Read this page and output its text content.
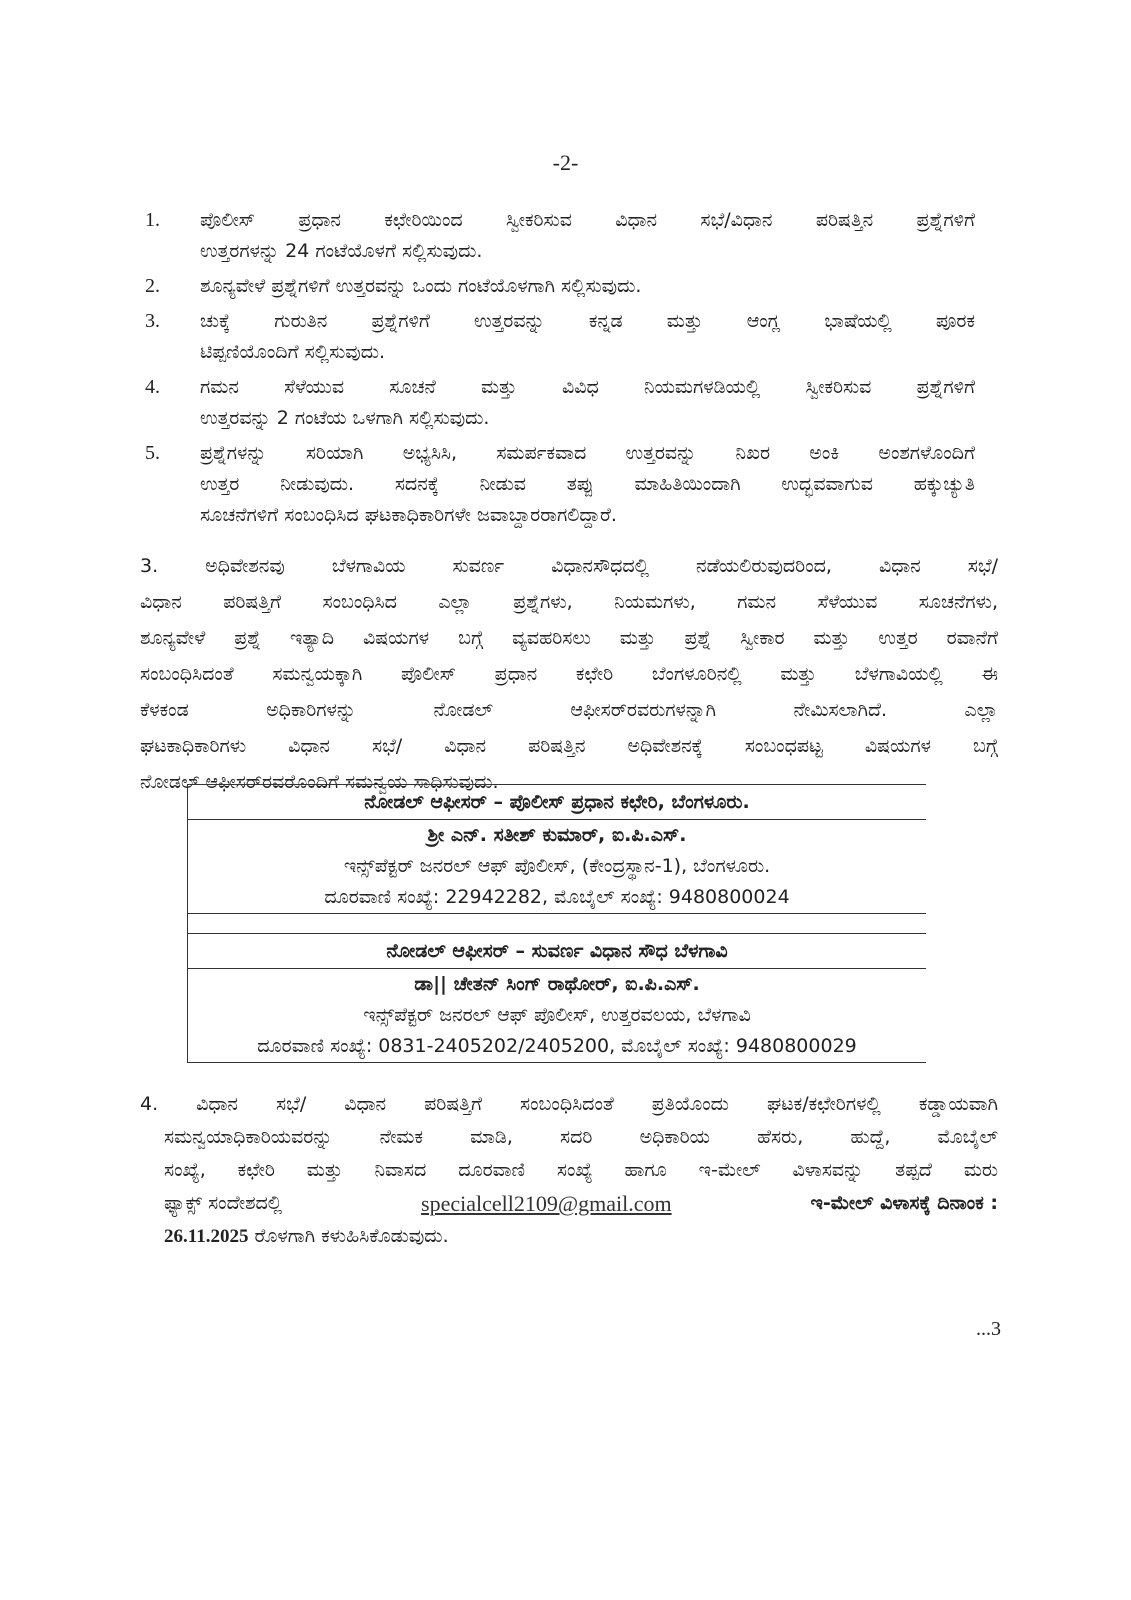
-2-
1. ಪೊಲೀಸ್ ಪ್ರಧಾನ ಕಛೇರಿಯಿಂದ ಸ್ವೀಕರಿಸುವ ವಿಧಾನ ಸಭೆ/ವಿಧಾನ ಪರಿಷತ್ತಿನ ಪ್ರಶ್ನೆಗಳಿಗೆ
ಉತ್ತರಗಳನ್ನು 24 ಗಂಟೆಯೊಳಗೆ ಸಲ್ಲಿಸುವುದು.
2. ಶೂನ್ಯವೇಳೆ ಪ್ರಶ್ನೆಗಳಿಗೆ ಉತ್ತರವನ್ನು ಒಂದು ಗಂಟೆಯೊಳಗಾಗಿ ಸಲ್ಲಿಸುವುದು.
3. ಚುಕ್ಕೆ ಗುರುತಿನ ಪ್ರಶ್ನೆಗಳಿಗೆ ಉತ್ತರವನ್ನು ಕನ್ನಡ ಮತ್ತು ಆಂಗ್ಲ ಭಾಷೆಯಲ್ಲಿ ಪೂರಕ
ಟಿಪ್ಪಣಿಯೊಂದಿಗೆ ಸಲ್ಲಿಸುವುದು.
4. ಗಮನ ಸೆಳೆಯುವ ಸೂಚನೆ ಮತ್ತು ವಿವಿಧ ನಿಯಮಗಳಡಿಯಲ್ಲಿ ಸ್ವೀಕರಿಸುವ ಪ್ರಶ್ನೆಗಳಿಗೆ
ಉತ್ತರವನ್ನು 2 ಗಂಟೆಯ ಒಳಗಾಗಿ ಸಲ್ಲಿಸುವುದು.
5. ಪ್ರಶ್ನೆಗಳನ್ನು ಸರಿಯಾಗಿ ಅಭ್ಯಸಿಸಿ, ಸಮರ್ಪಕವಾದ ಉತ್ತರವನ್ನು ನಿಖರ ಅಂಕಿ ಅಂಶಗಳೊಂದಿಗೆ
ಉತ್ತರ ನೀಡುವುದು. ಸದನಕ್ಕೆ ನೀಡುವ ತಪ್ಪು ಮಾಹಿತಿಯಿಂದಾಗಿ ಉದ್ಭವವಾಗುವ ಹಕ್ಕುಚ್ಯುತಿ
ಸೂಚನೆಗಳಿಗೆ ಸಂಬಂಧಿಸಿದ ಘಟಕಾಧಿಕಾರಿಗಳೇ ಜವಾಬ್ದಾರರಾಗಲಿದ್ದಾರೆ.
3. ಅಧಿವೇಶನವು ಬೆಳಗಾವಿಯ ಸುವರ್ಣ ವಿಧಾನಸೌಧದಲ್ಲಿ ನಡೆಯಲಿರುವುದರಿಂದ, ವಿಧಾನ ಸಭೆ/
ವಿಧಾನ ಪರಿಷತ್ತಿಗೆ ಸಂಬಂಧಿಸಿದ ಎಲ್ಲಾ ಪ್ರಶ್ನೆಗಳು, ನಿಯಮಗಳು, ಗಮನ ಸೆಳೆಯುವ ಸೂಚನೆಗಳು,
ಶೂನ್ಯವೇಳೆ ಪ್ರಶ್ನೆ ಇತ್ಯಾದಿ ವಿಷಯಗಳ ಬಗ್ಗೆ ವ್ಯವಹರಿಸಲು ಮತ್ತು ಪ್ರಶ್ನೆ ಸ್ವೀಕಾರ ಮತ್ತು ಉತ್ತರ ರವಾನೆಗೆ
ಸಂಬಂಧಿಸಿದಂತೆ ಸಮನ್ವಯಕ್ಕಾಗಿ ಪೊಲೀಸ್ ಪ್ರಧಾನ ಕಛೇರಿ ಬೆಂಗಳೂರಿನಲ್ಲಿ ಮತ್ತು ಬೆಳಗಾವಿಯಲ್ಲಿ ಈ
ಕೆಳಕಂಡ ಅಧಿಕಾರಿಗಳನ್ನು ನೋಡಲ್ ಆಫೀಸರ್‌ರವರುಗಳನ್ನಾಗಿ ನೇಮಿಸಲಾಗಿದೆ. ಎಲ್ಲಾ
ಘಟಕಾಧಿಕಾರಿಗಳು ವಿಧಾನ ಸಭೆ/ ವಿಧಾನ ಪರಿಷತ್ತಿನ ಅಧಿವೇಶನಕ್ಕೆ ಸಂಬಂಧಪಟ್ಟ ವಿಷಯಗಳ ಬಗ್ಗೆ
ನೋಡಲ್ ಆಫೀಸರ್‌ರವರೊಂದಿಗೆ ಸಮನ್ವಯ ಸಾಧಿಸುವುದು.
ನೋಡಲ್ ಆಫೀಸರ್ – ಪೊಲೀಸ್ ಪ್ರಧಾನ ಕಛೇರಿ, ಬೆಂಗಳೂರು.
ಶ್ರೀ ಎನ್. ಸತೀಶ್ ಕುಮಾರ್, ಐ.ಪಿ.ಎಸ್.
ಇನ್ಸ್‌ಪೆಕ್ಟರ್ ಜನರಲ್ ಆಫ್ ಪೊಲೀಸ್, (ಕೇಂದ್ರಸ್ಥಾನ-1), ಬೆಂಗಳೂರು.
ದೂರವಾಣಿ ಸಂಖ್ಯೆ: 22942282, ಮೊಬೈಲ್ ಸಂಖ್ಯೆ: 9480800024
ನೋಡಲ್ ಆಫೀಸರ್ – ಸುವರ್ಣ ವಿಧಾನ ಸೌಧ ಬೆಳಗಾವಿ
ಡಾ|| ಚೇತನ್ ಸಿಂಗ್ ರಾಥೋರ್, ಐ.ಪಿ.ಎಸ್.
ಇನ್ಸ್‌ಪೆಕ್ಟರ್ ಜನರಲ್ ಆಫ್ ಪೊಲೀಸ್, ಉತ್ತರವಲಯ, ಬೆಳಗಾವಿ
ದೂರವಾಣಿ ಸಂಖ್ಯೆ: 0831-2405202/2405200, ಮೊಬೈಲ್ ಸಂಖ್ಯೆ: 9480800029
4. ವಿಧಾನ ಸಭೆ/ ವಿಧಾನ ಪರಿಷತ್ತಿಗೆ ಸಂಬಂಧಿಸಿದಂತೆ ಪ್ರತಿಯೊಂದು ಘಟಕ/ಕಛೇರಿಗಳಲ್ಲಿ ಕಡ್ಡಾಯವಾಗಿ
ಸಮನ್ವಯಾಧಿಕಾರಿಯವರನ್ನು ನೇಮಕ ಮಾಡಿ, ಸದರಿ ಅಧಿಕಾರಿಯ ಹೆಸರು, ಹುದ್ದೆ, ಮೊಬೈಲ್
ಸಂಖ್ಯೆ, ಕಛೇರಿ ಮತ್ತು ನಿವಾಸದ ದೂರವಾಣಿ ಸಂಖ್ಯೆ ಹಾಗೂ ಇ-ಮೇಲ್ ವಿಳಾಸವನ್ನು ತಪ್ಪದೆ ಮರು
ಫ್ಯಾಕ್ಸ್ ಸಂದೇಶದಲ್ಲಿ	specialcell2109@gmail.com	ಇ-ಮೇಲ್ ವಿಳಾಸಕ್ಕೆ ದಿನಾಂಕ :
26.11.2025 ರೊಳಗಾಗಿ ಕಳುಹಿಸಿಕೊಡುವುದು.
...3
